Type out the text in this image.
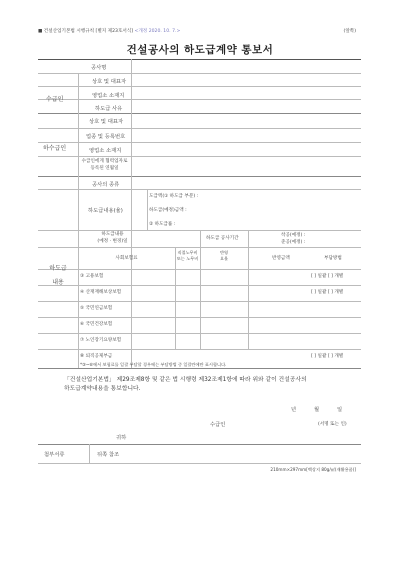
■ 건설산업기본법 시행규칙 [별지 제23호서식] <개정 2020. 10. 7.>	(앞쪽)
건설공사의 하도급계약 통보서
공사명
수급인
상호 및 대표자
영업소 소재지
하도급 사유
하수급인
상호 및 대표자
업종 및 등록번호
영업소 소재지
수급인에게 협력업자로
등록된 연월일
하도급
내용
공사의 종류
하도급내용(율)
도급액(① 하도급 부분) :
하도급(예정)금액 :
② 하도급률 :
하도급내용
(예정 · 변경)일	하도급 공사기간
착공(예정) :
준공(예정) :
사회보험료
직접노무비
또는 노무비
반영
요율	반영금액	부담방법
③ 고용보험	[ ] 일괄 [ ] 개별
④ 산재재해보상보험	[ ] 일괄 [ ] 개별
⑤ 국민연금보험
⑥ 국민건강보험
⑦ 노인장기요양보험
⑧ 퇴직공제부금	[ ] 일괄 [ ] 개별
*③~⑥에서 보험료를 일괄 부담할 경우에는 부담방법 중 일괄란에만 표시합니다.
「건설산업기본법」 제29조제8항 및 같은 법 시행령 제32조제1항에 따라 위와 같이 건설공사의
하도급계약내용을 통보합니다.
년	월	일
수급인	(서명 또는 인)
귀하
첨부서류	뒤쪽 참조
210mm×297mm[백상지 80g/㎡(재활용품)]
